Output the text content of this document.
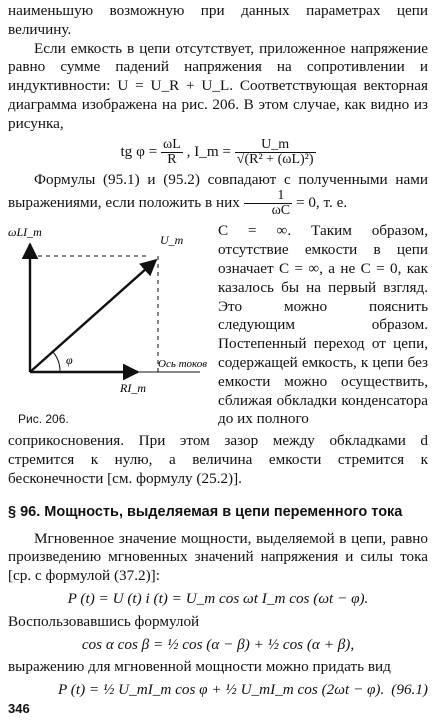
наименьшую возможную при данных параметрах цепи величину.

Если емкость в цепи отсутствует, приложенное напряжение равно сумме падений напряжения на сопротивлении и индуктивности: U = U_R + U_L. Соответствующая векторная диаграмма изображена на рис. 206. В этом случае, как видно из рисунка,

tg $\varphi = \frac{\omega L}{R}$ , I_m = $\frac{U\_m}{\text{√(R² + (ωL)²)}}$

Формулы (95.1) и (95.2) совпадают с полученными нами выражениями, если положить в них $\frac{1}{\omega C} = 0$, т. е.

ωLI_m
U_m
φ
RI_m
Ось токов
Рис. 206.

C = ∞. Таким образом, отсутствие емкости в цепи означает C = ∞, а не C = 0, как казалось бы на первый взгляд. Это можно пояснить следующим образом. Постепенный переход от цепи, содержащей емкость, к цепи без емкости можно осуществить, сближая обкладки конденсатора до их полного

соприкосновения. При этом зазор между обкладками d стремится к нулю, а величина емкости стремится к бесконечности [см. формулу (25.2)].

§ 96. Мощность, выделяемая в цепи переменного тока

Мгновенное значение мощности, выделяемой в цепи, равно произведению мгновенных значений напряжения и силы тока [ср. с формулой (37.2)]:

P (t) = U (t) i (t) = U_m cos ωt I_m cos (ωt − φ).

Воспользовавшись формулой

cos α cos β = ½ cos (α − β) + ½ cos (α + β),

выражению для мгновенной мощности можно придать вид

P (t) = ½ U_mI_m cos φ + ½ U_mI_m cos (2ωt − φ). (96.1)
346
